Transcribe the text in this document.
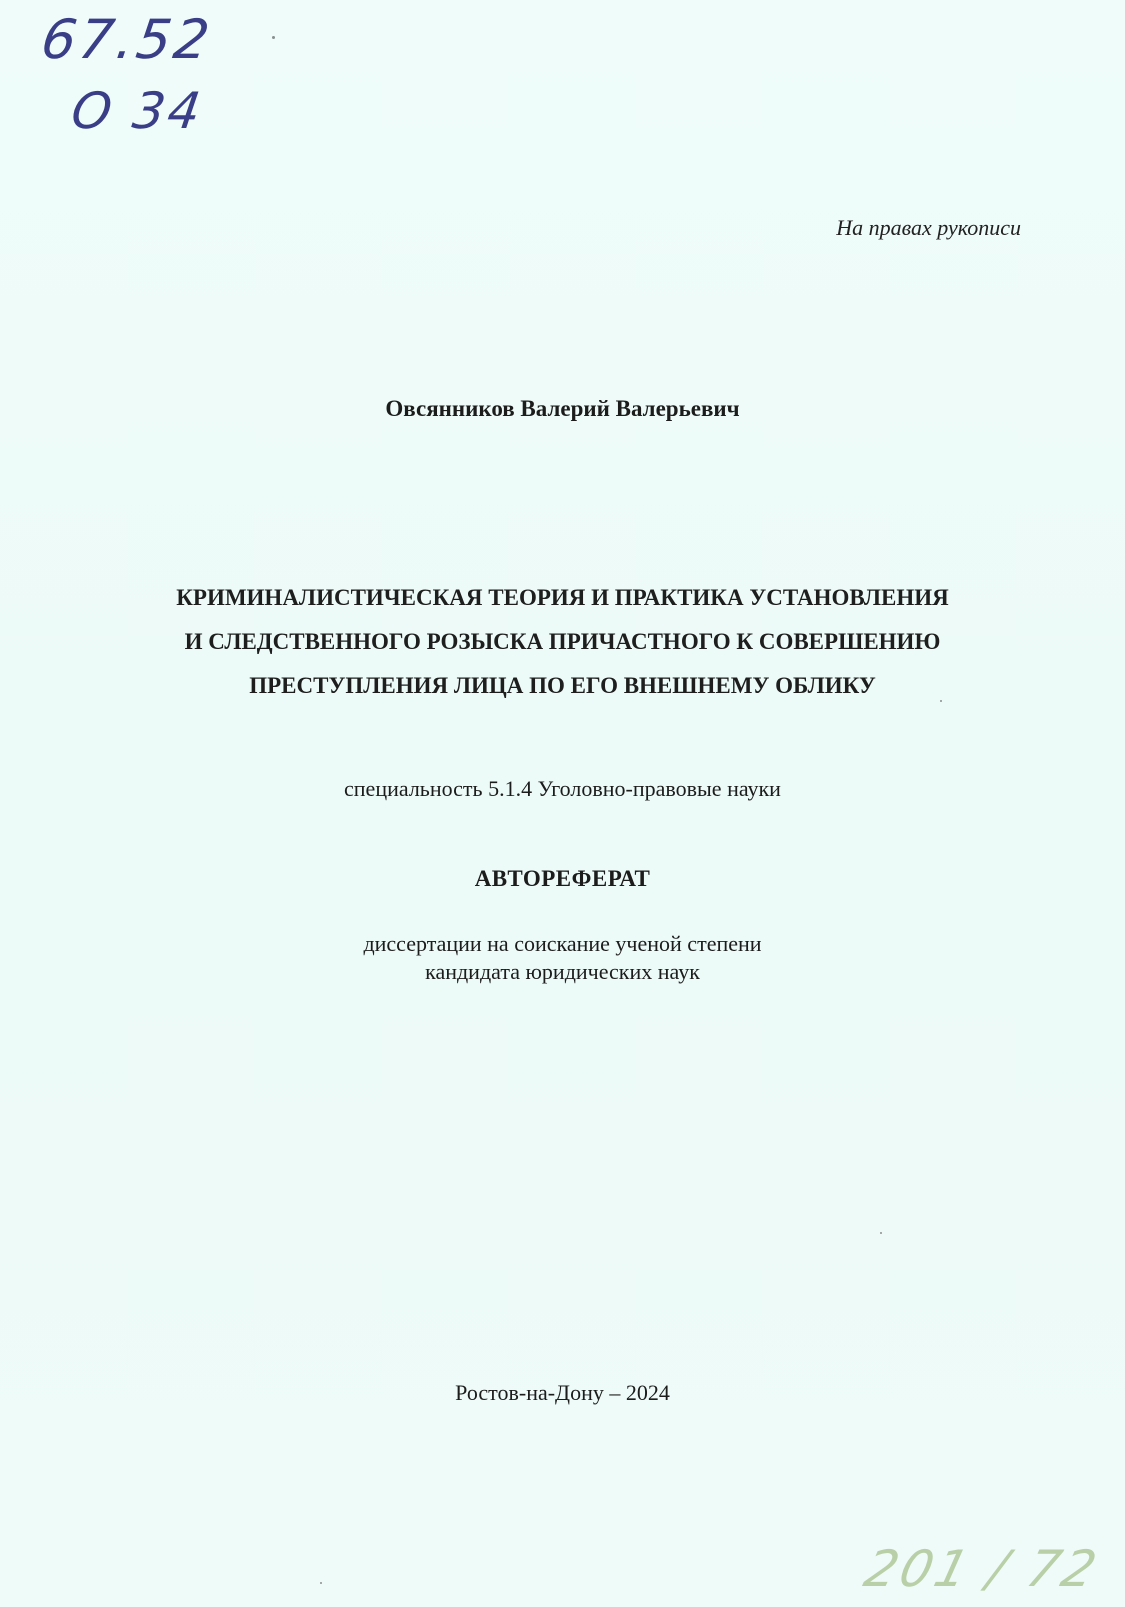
67.52
O 34
На правах рукописи
Овсянников Валерий Валерьевич
КРИМИНАЛИСТИЧЕСКАЯ ТЕОРИЯ И ПРАКТИКА УСТАНОВЛЕНИЯ
И СЛЕДСТВЕННОГО РОЗЫСКА ПРИЧАСТНОГО К СОВЕРШЕНИЮ
ПРЕСТУПЛЕНИЯ ЛИЦА ПО ЕГО ВНЕШНЕМУ ОБЛИКУ
специальность 5.1.4 Уголовно-правовые науки
АВТОРЕФЕРАТ
диссертации на соискание ученой степени
кандидата юридических наук
Ростов-на-Дону – 2024
201 / 72
